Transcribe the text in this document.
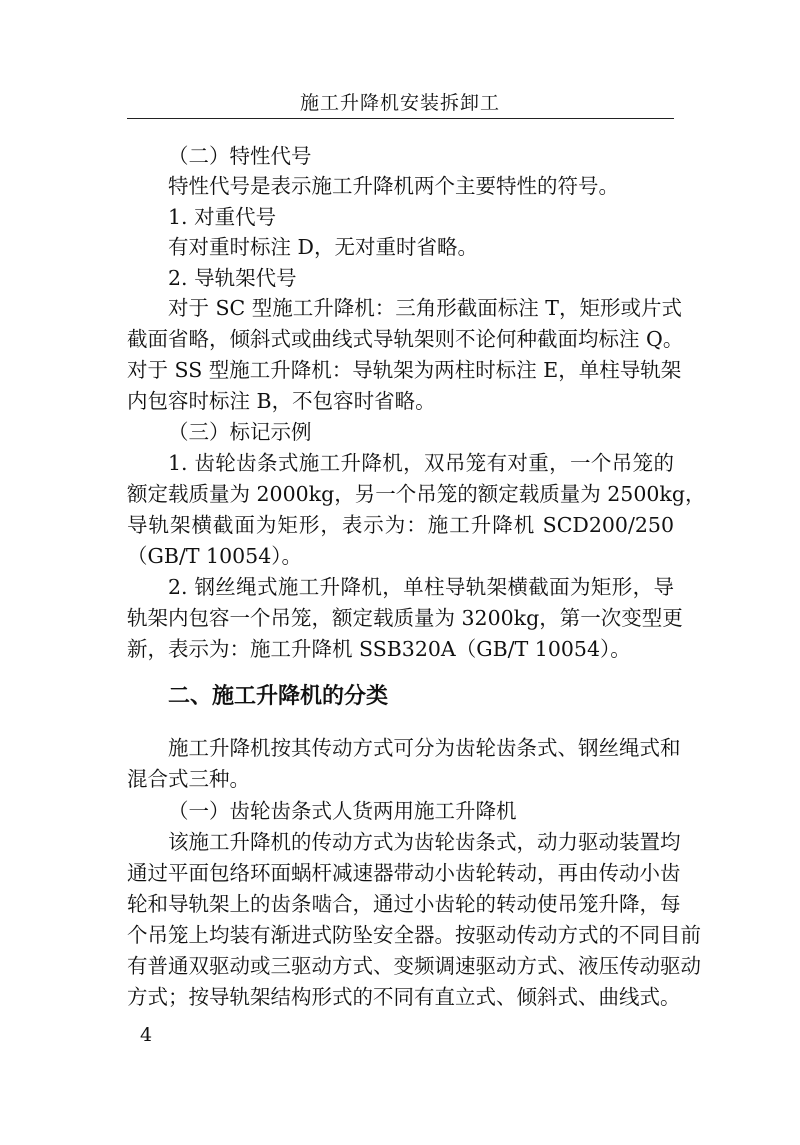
施工升降机安装拆卸工
（二）特性代号
特性代号是表示施工升降机两个主要特性的符号。
1. 对重代号
有对重时标注 D，无对重时省略。
2. 导轨架代号
对于 SC 型施工升降机：三角形截面标注 T，矩形或片式
截面省略，倾斜式或曲线式导轨架则不论何种截面均标注 Q。
对于 SS 型施工升降机：导轨架为两柱时标注 E，单柱导轨架
内包容时标注 B，不包容时省略。
（三）标记示例
1. 齿轮齿条式施工升降机，双吊笼有对重，一个吊笼的
额定载质量为 2000kg，另一个吊笼的额定载质量为 2500kg，
导轨架横截面为矩形，表示为：施工升降机 SCD200/250
（GB/T 10054）。
2. 钢丝绳式施工升降机，单柱导轨架横截面为矩形，导
轨架内包容一个吊笼，额定载质量为 3200kg，第一次变型更
新，表示为：施工升降机 SSB320A（GB/T 10054）。
二、施工升降机的分类
施工升降机按其传动方式可分为齿轮齿条式、钢丝绳式和
混合式三种。
（一）齿轮齿条式人货两用施工升降机
该施工升降机的传动方式为齿轮齿条式，动力驱动装置均
通过平面包络环面蜗杆减速器带动小齿轮转动，再由传动小齿
轮和导轨架上的齿条啮合，通过小齿轮的转动使吊笼升降，每
个吊笼上均装有渐进式防坠安全器。按驱动传动方式的不同目前
有普通双驱动或三驱动方式、变频调速驱动方式、液压传动驱动
方式；按导轨架结构形式的不同有直立式、倾斜式、曲线式。
4
